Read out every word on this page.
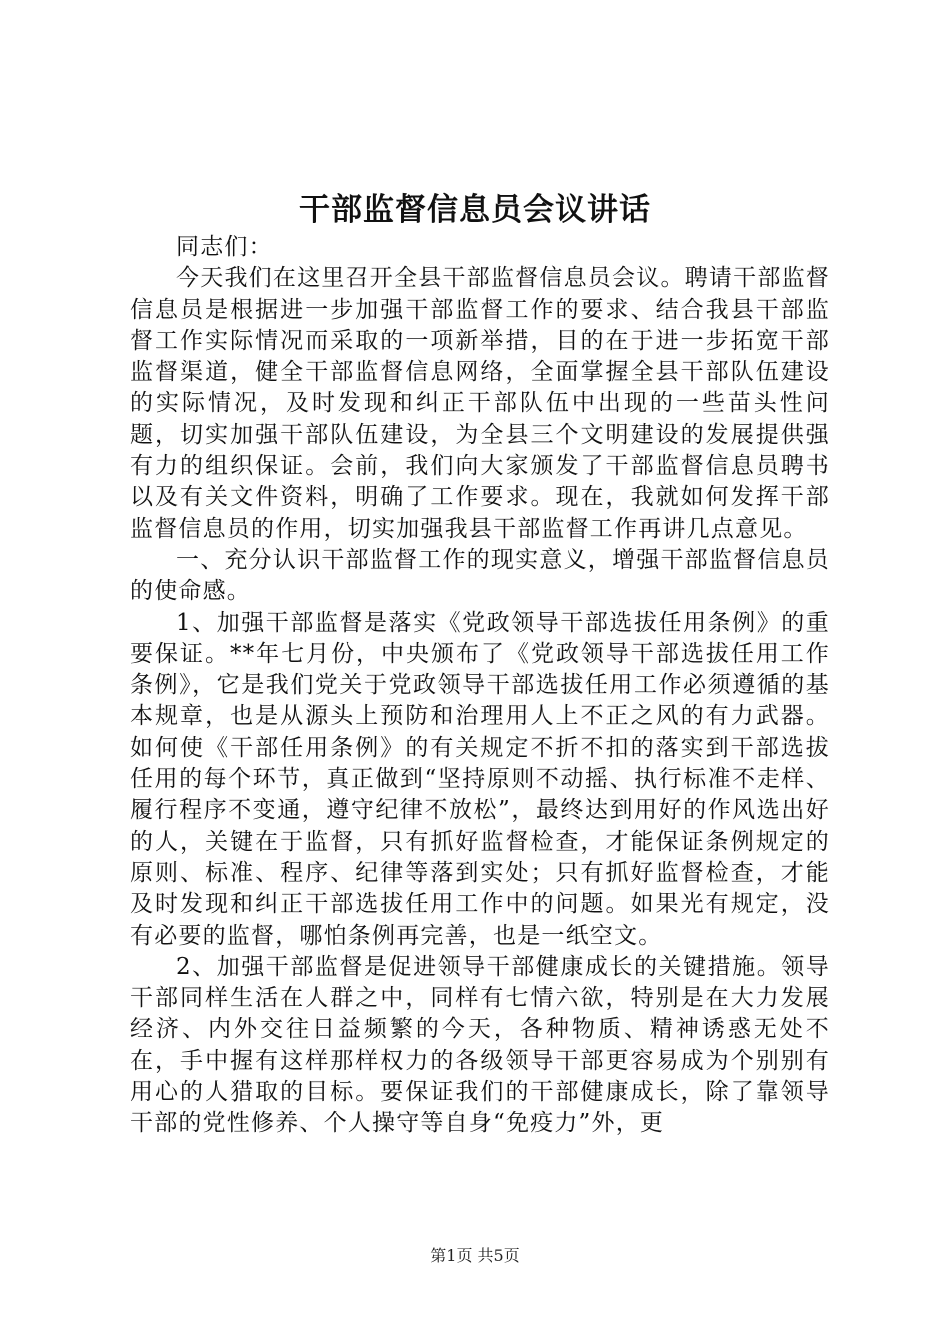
干部监督信息员会议讲话

同志们：

今天我们在这里召开全县干部监督信息员会议。聘请干部监督信息员是根据进一步加强干部监督工作的要求、结合我县干部监督工作实际情况而采取的一项新举措，目的在于进一步拓宽干部监督渠道，健全干部监督信息网络，全面掌握全县干部队伍建设的实际情况，及时发现和纠正干部队伍中出现的一些苗头性问题，切实加强干部队伍建设，为全县三个文明建设的发展提供强有力的组织保证。会前，我们向大家颁发了干部监督信息员聘书以及有关文件资料，明确了工作要求。现在，我就如何发挥干部监督信息员的作用，切实加强我县干部监督工作再讲几点意见。

一、充分认识干部监督工作的现实意义，增强干部监督信息员的使命感。

1、加强干部监督是落实《党政领导干部选拔任用条例》的重要保证。**年七月份，中央颁布了《党政领导干部选拔任用工作条例》，它是我们党关于党政领导干部选拔任用工作必须遵循的基本规章，也是从源头上预防和治理用人上不正之风的有力武器。如何使《干部任用条例》的有关规定不折不扣的落实到干部选拔任用的每个环节，真正做到“坚持原则不动摇、执行标准不走样、履行程序不变通，遵守纪律不放松”，最终达到用好的作风选出好的人，关键在于监督，只有抓好监督检查，才能保证条例规定的原则、标准、程序、纪律等落到实处；只有抓好监督检查，才能及时发现和纠正干部选拔任用工作中的问题。如果光有规定，没有必要的监督，哪怕条例再完善，也是一纸空文。

2、加强干部监督是促进领导干部健康成长的关键措施。领导干部同样生活在人群之中，同样有七情六欲，特别是在大力发展经济、内外交往日益频繁的今天，各种物质、精神诱惑无处不在，手中握有这样那样权力的各级领导干部更容易成为个别别有用心的人猎取的目标。要保证我们的干部健康成长，除了靠领导干部的党性修养、个人操守等自身“免疫力”外，更

第1页 共5页
